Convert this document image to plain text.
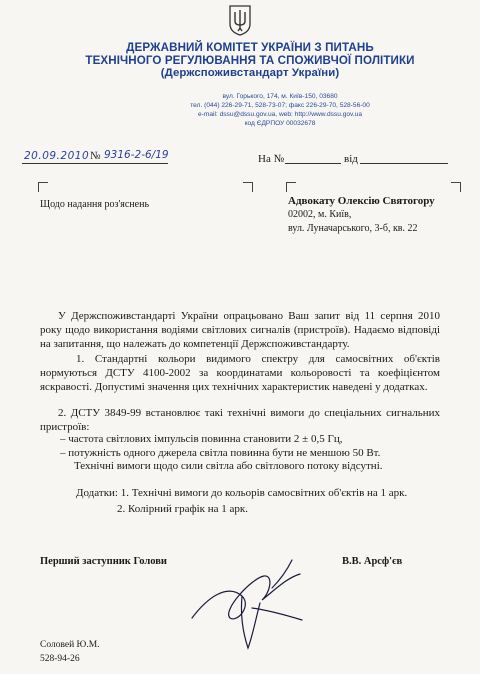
ДЕРЖАВНИЙ КОМІТЕТ УКРАЇНИ З ПИТАНЬ
ТЕХНІЧНОГО РЕГУЛЮВАННЯ ТА СПОЖИВЧОЇ ПОЛІТИКИ
(Держспоживстандарт України)
вул. Горького, 174, м. Київ-150, 03680
тел. (044) 226-29-71, 528-73-07; факс 226-29-70, 528-56-00
e-mail: dssu@dssu.gov.ua, web: http://www.dssu.gov.ua
код ЄДРПОУ 00032678
20.09.2010 № 9316-2-6/19	На №	від
Щодо надання роз'яснень	Адвокату Олексію Святогору
02002, м. Київ,
вул. Луначарського, 3-б, кв. 22
У Держспоживстандарті України опрацьовано Ваш запит від 11 серпня 2010 року щодо використання водіями світлових сигналів (пристроїв). Надаємо відповіді на запитання, що належать до компетенції Держспоживстандарту.
1. Стандартні кольори видимого спектру для самосвітних об'єктів нормуються ДСТУ 4100-2002 за координатами кольоровості та коефіцієнтом яскравості. Допустимі значення цих технічних характеристик наведені у додатках.
2. ДСТУ 3849-99 встановлює такі технічні вимоги до спеціальних сигнальних пристроїв:
– частота світлових імпульсів повинна становити 2 ± 0,5 Гц,
– потужність одного джерела світла повинна бути не меншою 50 Вт.
Технічні вимоги щодо сили світла або світлового потоку відсутні.
Додатки: 1. Технічні вимоги до кольорів самосвітних об'єктів на 1 арк.
2. Колірний графік на 1 арк.
Перший заступник Голови	В.В. Арсф'єв
Соловей Ю.М.
528-94-26
